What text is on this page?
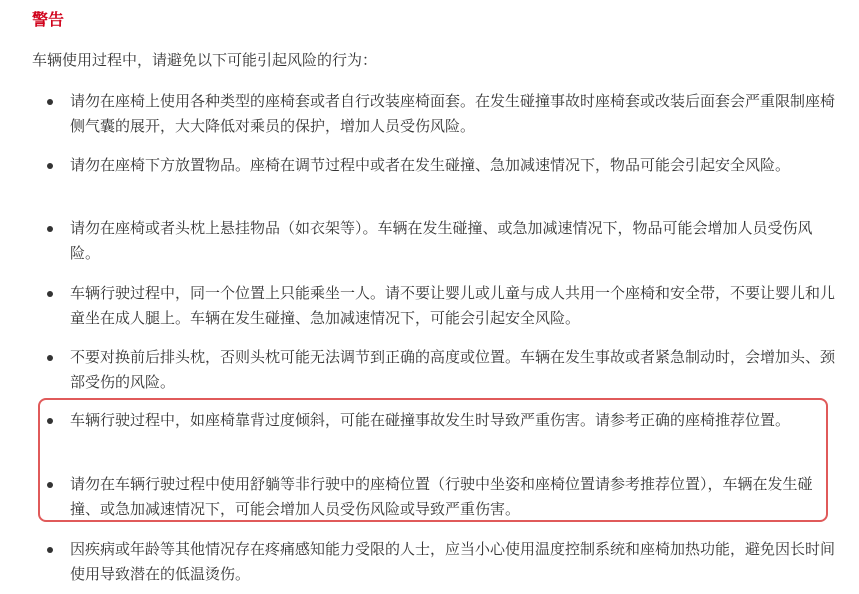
警告
车辆使用过程中，请避免以下可能引起风险的行为：
请勿在座椅上使用各种类型的座椅套或者自行改装座椅面套。在发生碰撞事故时座椅套或改装后面套会严重限制座椅侧气囊的展开，大大降低对乘员的保护，增加人员受伤风险。
请勿在座椅下方放置物品。座椅在调节过程中或者在发生碰撞、急加减速情况下，物品可能会引起安全风险。
请勿在座椅或者头枕上悬挂物品（如衣架等）。车辆在发生碰撞、或急加减速情况下，物品可能会增加人员受伤风险。
车辆行驶过程中，同一个位置上只能乘坐一人。请不要让婴儿或儿童与成人共用一个座椅和安全带，不要让婴儿和儿童坐在成人腿上。车辆在发生碰撞、急加减速情况下，可能会引起安全风险。
不要对换前后排头枕，否则头枕可能无法调节到正确的高度或位置。车辆在发生事故或者紧急制动时，会增加头、颈部受伤的风险。
车辆行驶过程中，如座椅靠背过度倾斜，可能在碰撞事故发生时导致严重伤害。请参考正确的座椅推荐位置。
请勿在车辆行驶过程中使用舒躺等非行驶中的座椅位置（行驶中坐姿和座椅位置请参考推荐位置），车辆在发生碰撞、或急加减速情况下，可能会增加人员受伤风险或导致严重伤害。
因疾病或年龄等其他情况存在疼痛感知能力受限的人士，应当小心使用温度控制系统和座椅加热功能，避免因长时间使用导致潜在的低温烫伤。
